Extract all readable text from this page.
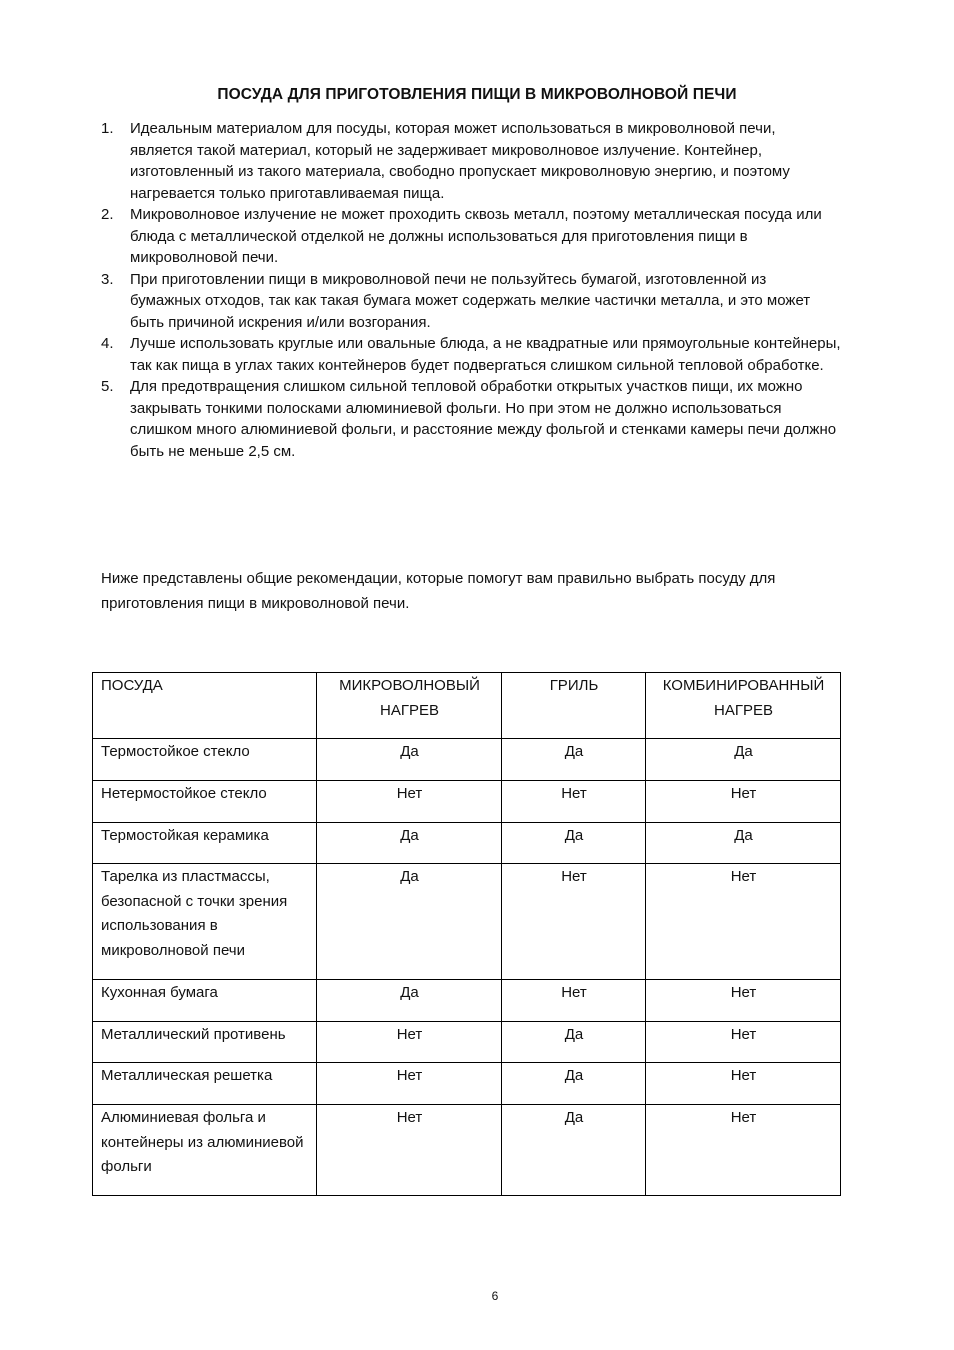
ПОСУДА ДЛЯ ПРИГОТОВЛЕНИЯ ПИЩИ В МИКРОВОЛНОВОЙ ПЕЧИ
1. Идеальным материалом для посуды, которая может использоваться в микроволновой печи, является такой материал, который не задерживает микроволновое излучение. Контейнер, изготовленный из такого материала, свободно пропускает микроволновую энергию, и поэтому нагревается только приготавливаемая пища.
2. Микроволновое излучение не может проходить сквозь металл, поэтому металлическая посуда или блюда с металлической отделкой не должны использоваться для приготовления пищи в микроволновой печи.
3. При приготовлении пищи в микроволновой печи не пользуйтесь бумагой, изготовленной из бумажных отходов, так как такая бумага может содержать мелкие частички металла, и это может быть причиной искрения и/или возгорания.
4. Лучше использовать круглые или овальные блюда, а не квадратные или прямоугольные контейнеры, так как пища в углах таких контейнеров будет подвергаться слишком сильной тепловой обработке.
5. Для предотвращения слишком сильной тепловой обработки открытых участков пищи, их можно закрывать тонкими полосками алюминиевой фольги. Но при этом не должно использоваться слишком много алюминиевой фольги, и расстояние между фольгой и стенками камеры печи должно быть не меньше 2,5 см.

Ниже представлены общие рекомендации, которые помогут вам правильно выбрать посуду для приготовления пищи в микроволновой печи.

ПОСУДА	МИКРОВОЛНОВЫЙ НАГРЕВ	ГРИЛЬ	КОМБИНИРОВАННЫЙ НАГРЕВ
Термостойкое стекло	Да	Да	Да
Нетермостойкое стекло	Нет	Нет	Нет
Термостойкая керамика	Да	Да	Да
Тарелка из пластмассы, безопасной с точки зрения использования в микроволновой печи	Да	Нет	Нет
Кухонная бумага	Да	Нет	Нет
Металлический противень	Нет	Да	Нет
Металлическая решетка	Нет	Да	Нет
Алюминиевая фольга и контейнеры из алюминиевой фольги	Нет	Да	Нет
6
